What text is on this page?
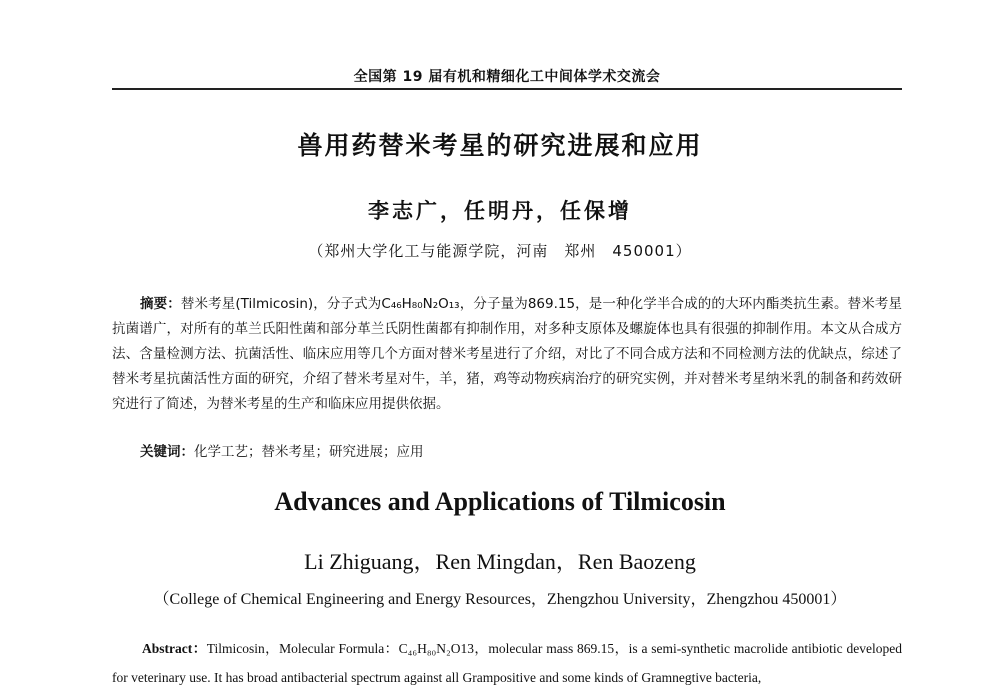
全国第 19 届有机和精细化工中间体学术交流会
兽用药替米考星的研究进展和应用
李志广，任明丹，任保增
（郑州大学化工与能源学院，河南　郑州　450001）
摘要：替米考星(Tilmicosin)，分子式为C₄₆H₈₀N₂O₁₃，分子量为869.15，是一种化学半合成的的大环内酯类抗生素。替米考星抗菌谱广，对所有的革兰氏阳性菌和部分革兰氏阴性菌都有抑制作用，对多种支原体及螺旋体也具有很强的抑制作用。本文从合成方法、含量检测方法、抗菌活性、临床应用等几个方面对替米考星进行了介绍，对比了不同合成方法和不同检测方法的优缺点，综述了替米考星抗菌活性方面的研究，介绍了替米考星对牛，羊，猪，鸡等动物疾病治疗的研究实例，并对替米考星纳米乳的制备和药效研究进行了简述，为替米考星的生产和临床应用提供依据。
关键词：化学工艺；替米考星；研究进展；应用
Advances and Applications of Tilmicosin
Li Zhiguang，Ren Mingdan，Ren Baozeng
（College of Chemical Engineering and Energy Resources，Zhengzhou University，Zhengzhou 450001）
Abstract：Tilmicosin，Molecular Formula：C₄₆H₈₀N₂O13，molecular mass 869.15，is a semi-synthetic macrolide antibiotic developed for veterinary use. It has broad antibacterial spectrum against all Grampositive and some kinds of Gramnegtive bacteria,
